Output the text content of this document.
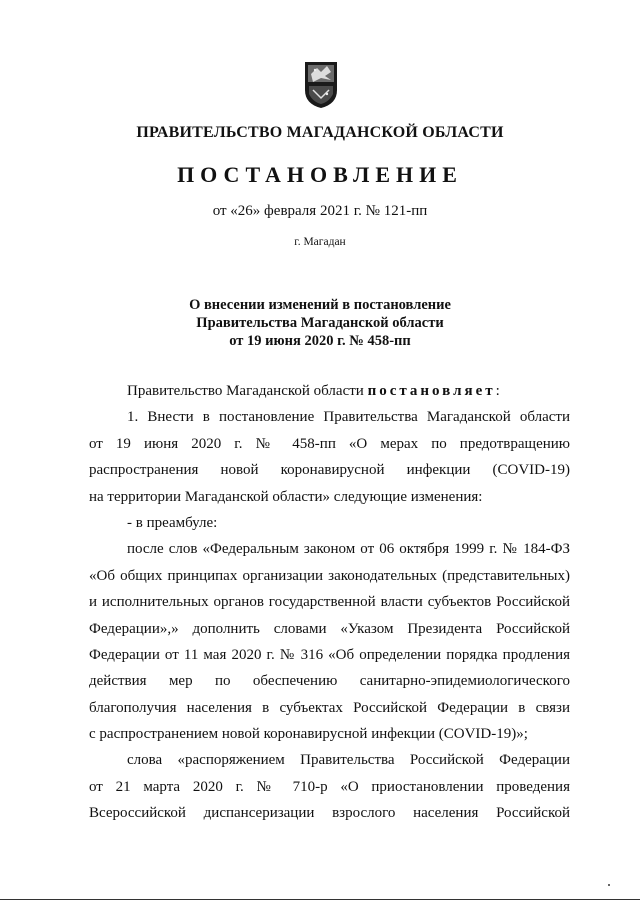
ПРАВИТЕЛЬСТВО МАГАДАНСКОЙ ОБЛАСТИ
ПОСТАНОВЛЕНИЕ
от «26» февраля 2021 г. № 121-пп
г. Магадан
О внесении изменений в постановление
Правительства Магаданской области
от 19 июня 2020 г. № 458-пп
Правительство Магаданской области постановляет:
1. Внести в постановление Правительства Магаданской области
от 19 июня 2020 г. № 458-пп «О мерах по предотвращению
распространения новой коронавирусной инфекции (COVID-19)
на территории Магаданской области» следующие изменения:
- в преамбуле:
после слов «Федеральным законом от 06 октября 1999 г. № 184-ФЗ
«Об общих принципах организации законодательных (представительных)
и исполнительных органов государственной власти субъектов Российской
Федерации»,» дополнить словами «Указом Президента Российской
Федерации от 11 мая 2020 г. № 316 «Об определении порядка продления
действия мер по обеспечению санитарно-эпидемиологического
благополучия населения в субъектах Российской Федерации в связи
с распространением новой коронавирусной инфекции (COVID-19)»;
слова «распоряжением Правительства Российской Федерации
от 21 марта 2020 г. № 710-р «О приостановлении проведения
Всероссийской диспансеризации взрослого населения Российской
